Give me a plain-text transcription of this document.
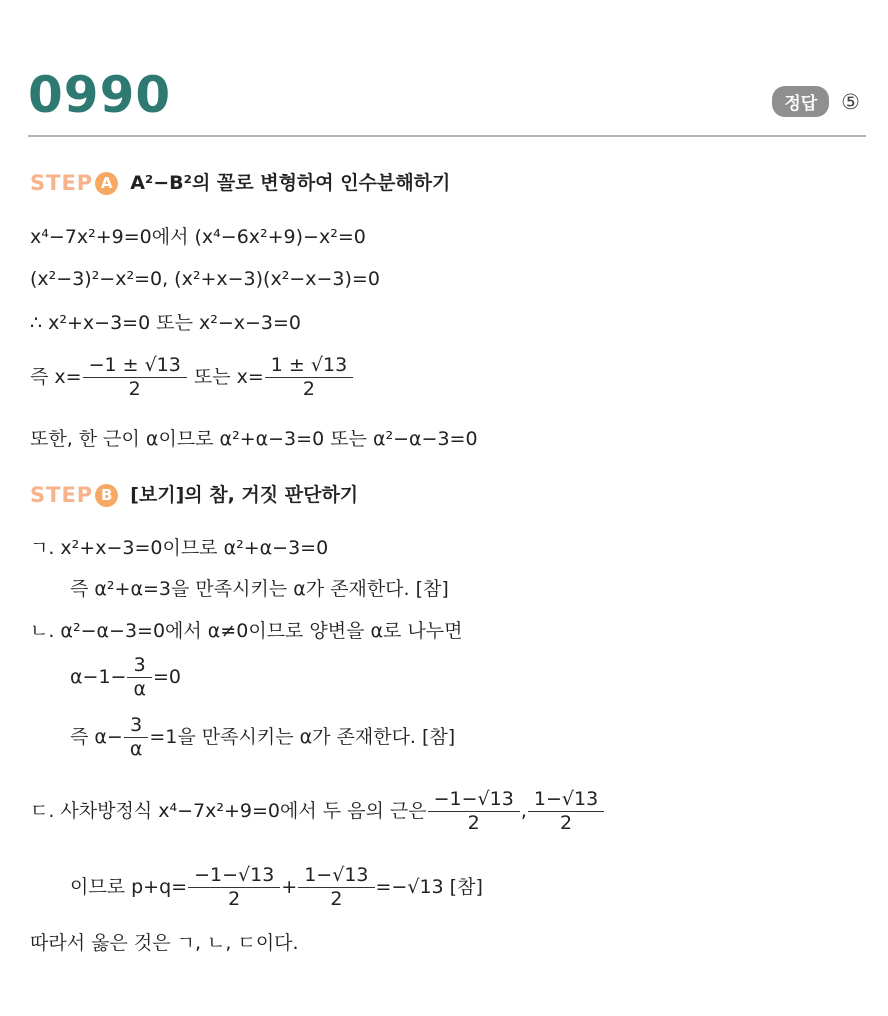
0990	정답	⑤
STEP A A²−B²의 꼴로 변형하여 인수분해하기
x⁴−7x²+9=0에서 (x⁴−6x²+9)−x²=0
(x²−3)²−x²=0, (x²+x−3)(x²−x−3)=0
∴ x²+x−3=0 또는 x²−x−3=0
즉 $x= \frac{-1 \pm √13}{2}$ 또는 $x= \frac{1 \pm √13}{2}$
또한, 한 근이 α이므로 α²+α−3=0 또는 α²−α−3=0
STEP B [보기]의 참, 거짓 판단하기
ㄱ. x²+x−3=0이므로 α²+α−3=0
즉 α²+α=3을 만족시키는 α가 존재한다. [참]
ㄴ. α²−α−3=0에서 α≠0이므로 양변을 α로 나누면
$\alpha-1- \frac{3}{\alpha} =0$
즉 $\alpha- \frac{3}{\alpha} =1$을 만족시키는 α가 존재한다. [참]
ㄷ. 사차방정식 x⁴−7x²+9=0에서 두 음의 근은 $\frac{-1-√13}{2}$ , $\frac{1-√13}{2}$
이므로 $p+q= \frac{-1-√13}{2} + \frac{1-√13}{2} =-√13$ [참]
따라서 옳은 것은 ㄱ, ㄴ, ㄷ이다.
